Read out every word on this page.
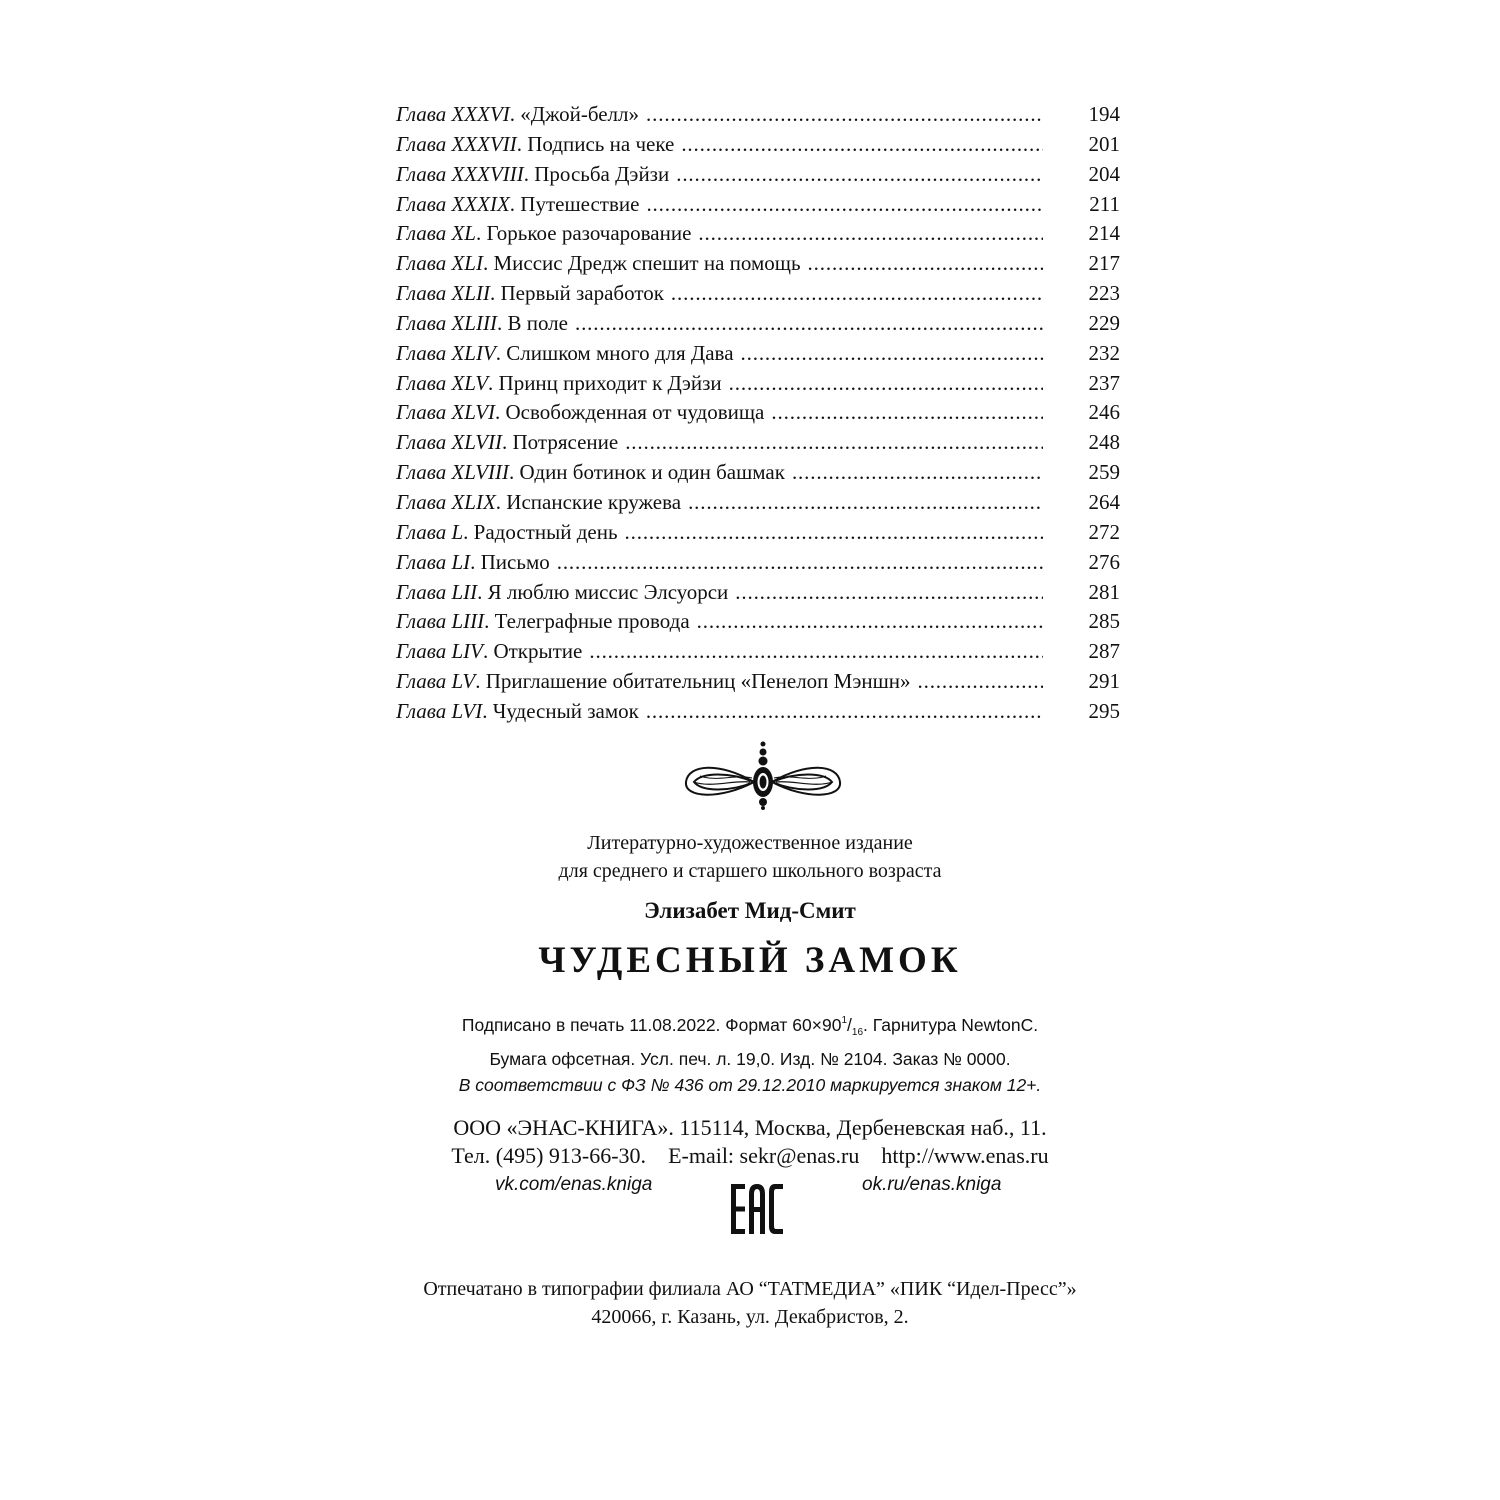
Глава XXXVI . «Джой-белл» . . .	194
Глава XXXVII . Подпись на чеке . . .	201
Глава XXXVIII . Просьба Дэйзи . . .	204
Глава XXXIX . Путешествие . . .	211
Глава XL . Горькое разочарование . . .	214
Глава XLI . Миссис Дредж спешит на помощь . . .	217
Глава XLII . Первый заработок . . .	223
Глава XLIII . В поле . . .	229
Глава XLIV . Слишком много для Дава . . .	232
Глава XLV . Принц приходит к Дэйзи . . .	237
Глава XLVI . Освобожденная от чудовища . . .	246
Глава XLVII . Потрясение . . .	248
Глава XLVIII . Один ботинок и один башмак . . .	259
Глава XLIX . Испанские кружева . . .	264
Глава L . Радостный день . . .	272
Глава LI . Письмо . . .	276
Глава LII . Я люблю миссис Элсуорси . . .	281
Глава LIII . Телеграфные провода . . .	285
Глава LIV . Открытие . . .	287
Глава LV . Приглашение обитательниц «Пенелоп Мэншн» . . .	291
Глава LVI . Чудесный замок . . .	295
Литературно-художественное издание
для среднего и старшего школьного возраста
Элизабет Мид-Смит
ЧУДЕСНЫЙ ЗАМОК
Подписано в печать 11.08.2022. Формат $60\times 90^1/_{16}$. Гарнитура NewtonC.
Бумага офсетная. Усл. печ. л. 19,0. Изд. № 2104. Заказ № 0000.
В соответствии с ФЗ № 436 от 29.12.2010 маркируется знаком 12+.
ООО «ЭНАС-КНИГА». 115114, Москва, Дербеневская наб., 11.
Тел. (495) 913-66-30. E-mail: sekr@enas.ru http://www.enas.ru
vk.com/enas.kniga	ok.ru/enas.kniga
Отпечатано в типографии филиала АО “ТАТМЕДИА” «ПИК “Идел-Пресс”»
420066, г. Казань, ул. Декабристов, 2.
